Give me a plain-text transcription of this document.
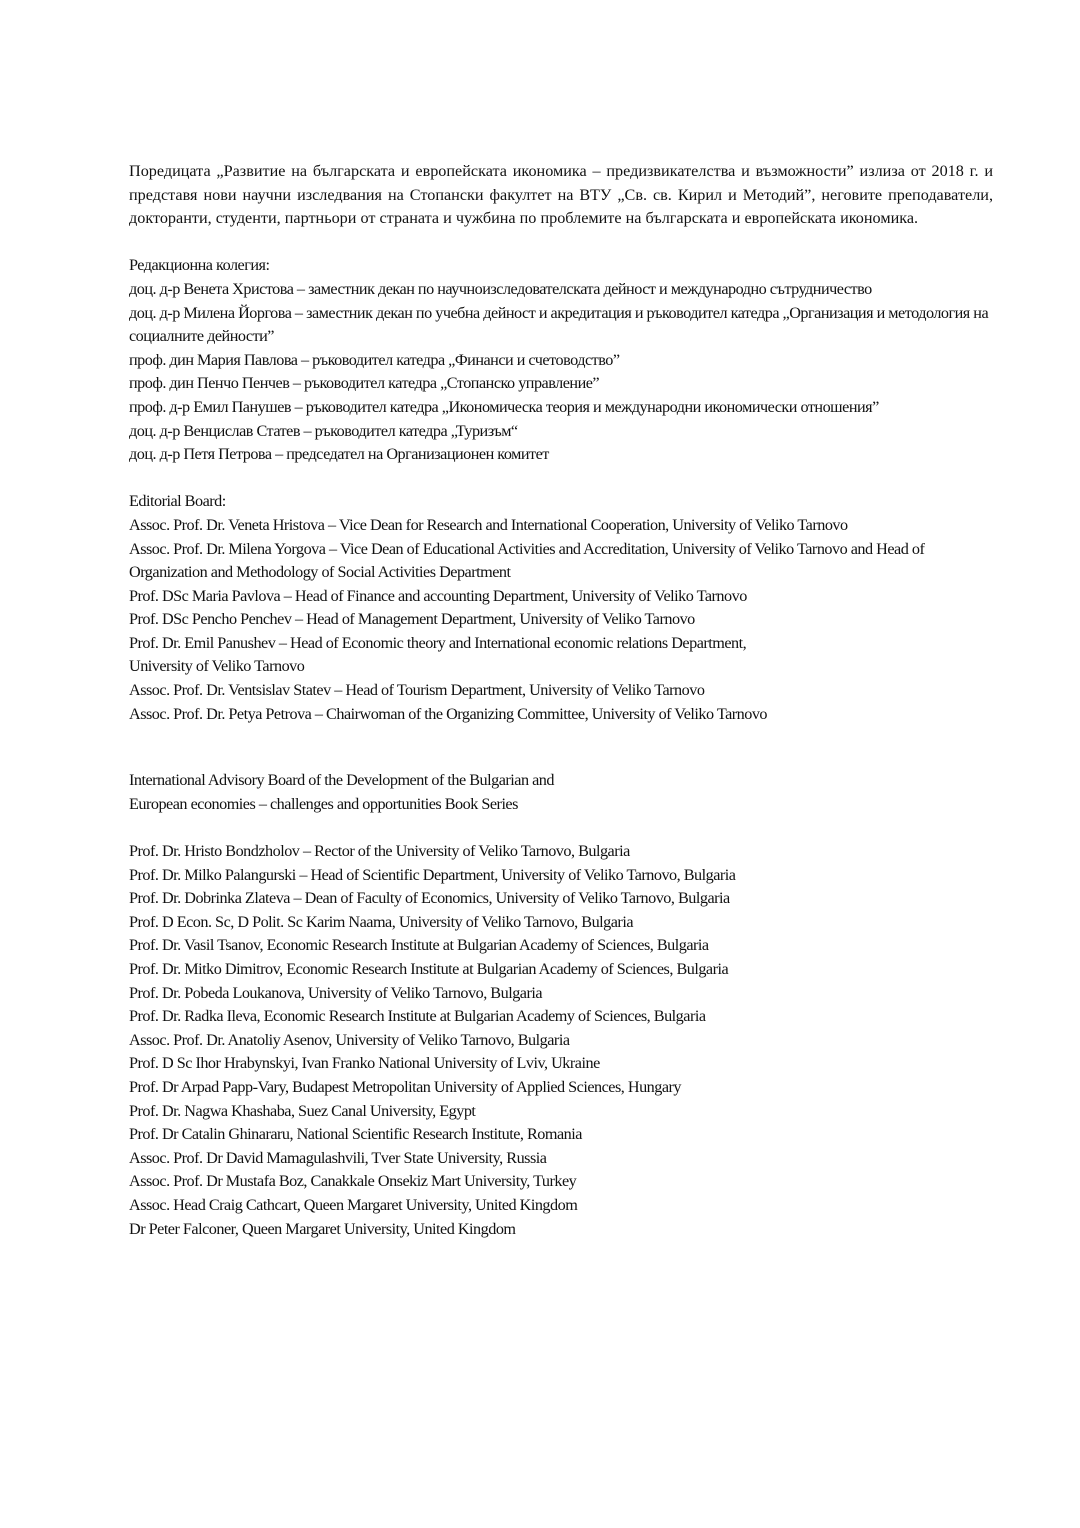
Поредицата „Развитие на българската и европейската икономика – предизвикателства и възможности” излиза от 2018 г. и представя нови научни изследвания на Стопански факултет на ВТУ „Св. св. Кирил и Методий”, неговите преподаватели, докторанти, студенти, партньори от страната и чужбина по проблемите на българската и европейската икономика.

Редакционна колегия:
доц. д-р Венета Христова – заместник декан по научноизследователската дейност и международно сътрудничество
доц. д-р Милена Йоргова – заместник декан по учебна дейност и акредитация и ръководител катедра „Организация и методология на социалните дейности”
проф. дин Мария Павлова – ръководител катедра „Финанси и счетоводство”
проф. дин Пенчо Пенчев – ръководител катедра „Стопанско управление”
проф. д-р Емил Панушев – ръководител катедра „Икономическа теория и международни икономически отношения”
доц. д-р Венцислав Статев – ръководител катедра „Туризъм“
доц. д-р Петя Петрова – председател на Организационен комитет
Editorial Board:
Assoc. Prof. Dr. Veneta Hristova – Vice Dean for Research and International Cooperation, University of Veliko Tarnovo
Assoc. Prof. Dr. Milena Yorgova – Vice Dean of Educational Activities and Accreditation, University of Veliko Tarnovo and Head of Organization and Methodology of Social Activities Department
Prof. DSc Maria Pavlova – Head of Finance and accounting Department, University of Veliko Tarnovo
Prof. DSc Pencho Penchev – Head of Management Department, University of Veliko Tarnovo
Prof. Dr. Emil Panushev – Head of Economic theory and International economic relations Department,
University of Veliko Tarnovo
Assoc. Prof. Dr. Ventsislav Statev – Head of Tourism Department, University of Veliko Tarnovo
Assoc. Prof. Dr. Petya Petrova – Chairwoman of the Organizing Committee, University of Veliko Tarnovo
International Advisory Board of the Development of the Bulgarian and
European economies – challenges and opportunities Book Series
Prof. Dr. Hristo Bondzholov – Rector of the University of Veliko Tarnovo, Bulgaria
Prof. Dr. Milko Palangurski – Head of Scientific Department, University of Veliko Tarnovo, Bulgaria
Prof. Dr. Dobrinka Zlateva – Dean of Faculty of Economics, University of Veliko Tarnovo, Bulgaria
Prof. D Econ. Sc, D Polit. Sc Karim Naama, University of Veliko Tarnovo, Bulgaria
Prof. Dr. Vasil Tsanov, Economic Research Institute at Bulgarian Academy of Sciences, Bulgaria
Prof. Dr. Mitko Dimitrov, Economic Research Institute at Bulgarian Academy of Sciences, Bulgaria
Prof. Dr. Pobeda Loukanova, University of Veliko Tarnovo, Bulgaria
Prof. Dr. Radka Ileva, Economic Research Institute at Bulgarian Academy of Sciences, Bulgaria
Assoc. Prof. Dr. Anatoliy Asenov, University of Veliko Tarnovo, Bulgaria
Prof. D Sc Ihor Hrabynskyi, Ivan Franko National University of Lviv, Ukraine
Prof. Dr Arpad Papp-Vary, Budapest Metropolitan University of Applied Sciences, Hungary
Prof. Dr. Nagwa Khashaba, Suez Canal University, Egypt
Prof. Dr Catalin Ghinararu, National Scientific Research Institute, Romania
Assoc. Prof. Dr David Mamagulashvili, Tver State University, Russia
Assoc. Prof. Dr Mustafa Boz, Canakkale Onsekiz Mart University, Turkey
Assoc. Head Craig Cathcart, Queen Margaret University, United Kingdom
Dr Peter Falconer, Queen Margaret University, United Kingdom
